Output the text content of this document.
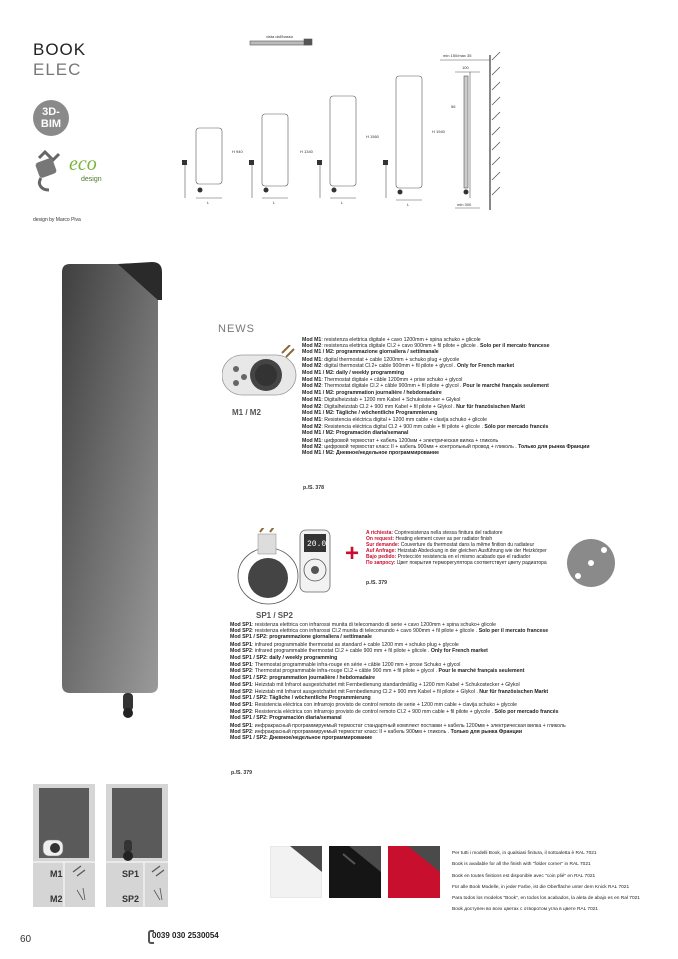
BOOK
ELEC
3D-
BIM
eco
design
design by Marco Piva
vista dall'basso
H 940	H 1340
H 1560
H 1940
L	L	L	L
min 150/max 35
100
56
min 300
NEWS
M1 / M2
Mod M1: resistenza elettrica digitale + cavo 1200mm + spina schuko + glicole
Mod M2: resistenza elettrica digitale Cl.2 + cavo 900mm + fil pilote + glicole . Solo per il mercato francese
Mod M1 / M2: programmazione giornaliera / settimanale
Mod M1: digital thermostat + cable 1200mm + schuko plug + glycole
Mod M2: digital thermostat Cl.2+ cable 900mm + fil pilote + glycol . Only for French market
Mod M1 / M2: daily / weekly programming
Mod M1: Thermostat digitale + câble 1200mm + prise schuko + glycol
Mod M2: Thermostat digitale Cl.2 + câble 900mm + fil pilote + glycol . Pour le marché français seulement
Mod M1 / M2: programmation journalière / hebdomadaire
Mod M1: Digitalheizstab + 1200 mm Kabel + Schukostecker + Glykol
Mod M2: Digitalheizstab Cl.2 + 900 mm Kabel + fil pilote + Glykol . Nur für französischen Markt
Mod M1 / M2: Tägliche / wöchentliche Programmierung
Mod M1: Resistencia eléctrica digital + 1200 mm cable + clavija schuko + glicole
Mod M2: Resistencia eléctrica digital Cl.2 + 900 mm cable + fil pilote + glicole . Sólo por mercado francés
Mod M1 / M2: Programación diaria/semanal
Mod M1: цифровой термостат + кабель 1200мм + электрическая вилка + гликоль
Mod M2: цифровой термостат класс II + кабель 900мм + контрольный провод + гликоль . Только для рынка Франции
Mod M1 / M2: Дневное/недельное программирование
p./S. 378
20.0
SP1 / SP2
+
A richiesta: Copriresistenza nella stessa finitura del radiatore
On request: Heating element cover as per radiator finish
Sur demande: Couverture du thermostat dans la même finition du radiateur
Auf Anfrage: Heizstab Abdeckung in der gleichen Ausführung wie der Heizkörper
Bajo pedido: Protección resistencia en el mismo acabado que el radiador
По запросу: Цвет покрытия терморегулятора соответствует цвету радиатора
p./S. 379
Mod SP1: resistenza elettrica con infrarossi munita di telecomando di serie + cavo 1200mm + spina schuko+ glicole
Mod SP2: resistenza elettrica con infrarossi Cl.2 munita di telecomando + cavo 900mm + fil pilote + glicole . Solo per il mercato francese
Mod SP1 / SP2: programmazione giornaliera / settimanale
Mod SP1: infrared programmable thermostat as standard + cable 1200 mm + schuko plug + glycole
Mod SP2: infrared programmable thermostat Cl.2 + cable 900 mm + fil pilote + glicole . Only for French market
Mod SP1 / SP2: daily / weekly programming
Mod SP1: Thermostat programmable infra-rouge en série + câble 1200 mm + prose Schuko + glycol
Mod SP2: Thermostat programmable infra-rouge Cl.2 + câble 900 mm + fil pilote + glycol . Pour le marché français seulement
Mod SP1 / SP2: programmation journalière / hebdomadaire
Mod SP1: Heizstab mit Infrarot ausgestchattet mit Fernbedienung standardmäßig + 1200 mm Kabel + Schukostecker + Glykol
Mod SP2: Heizstab mit Infrarot ausgestchattet mit Fernbedienung Cl.2 + 900 mm Kabel + fil pilote + Glykol . Nur für französischen Markt
Mod SP1 / SP2: Tägliche / wöchentliche Programmierung
Mod SP1: Resistencia eléctrica con infrarrojo provisto de control remoto de serie + 1200 mm cable + clavija schuko + glycole
Mod SP2: Resistencia eléctrica con infrarrojo provisto de control remoto Cl.2 + 900 mm cable + fil pilote + glycole . Sólo por mercado francés
Mod SP1 / SP2: Programación diaria/semanal
Mod SP1: инфракрасный программируемый термостат стандартный комплект поставки + кабель 1200мм + электрическая вилка + гликоль
Mod SP2: инфракрасный программируемый термостат класс II + кабель 900мм + гликоль . Только для рынка Франции
Mod SP1 / SP2: Дневное/недельное программирование
p./S. 379
M1
M2
SP1
SP2
Per tutti i modelli Book, in qualsiasi finitura, il sottoaletta è RAL 7021
Book is available for all the finish with "folder corner" in RAL 7021
Book en toutes finitions est disponible avec "coin plié" en RAL 7021
Für alle Book Modelle, in jeder Farbe, ist die Oberfläche unter dem Knick RAL 7021
Para todos los modelos "Book", en todos los acabados, la aleta de abajo es en Ral 7021
Book доступен во всех цветах с отворотом угла в цвете RAL 7021
60	0039 030 2530054
